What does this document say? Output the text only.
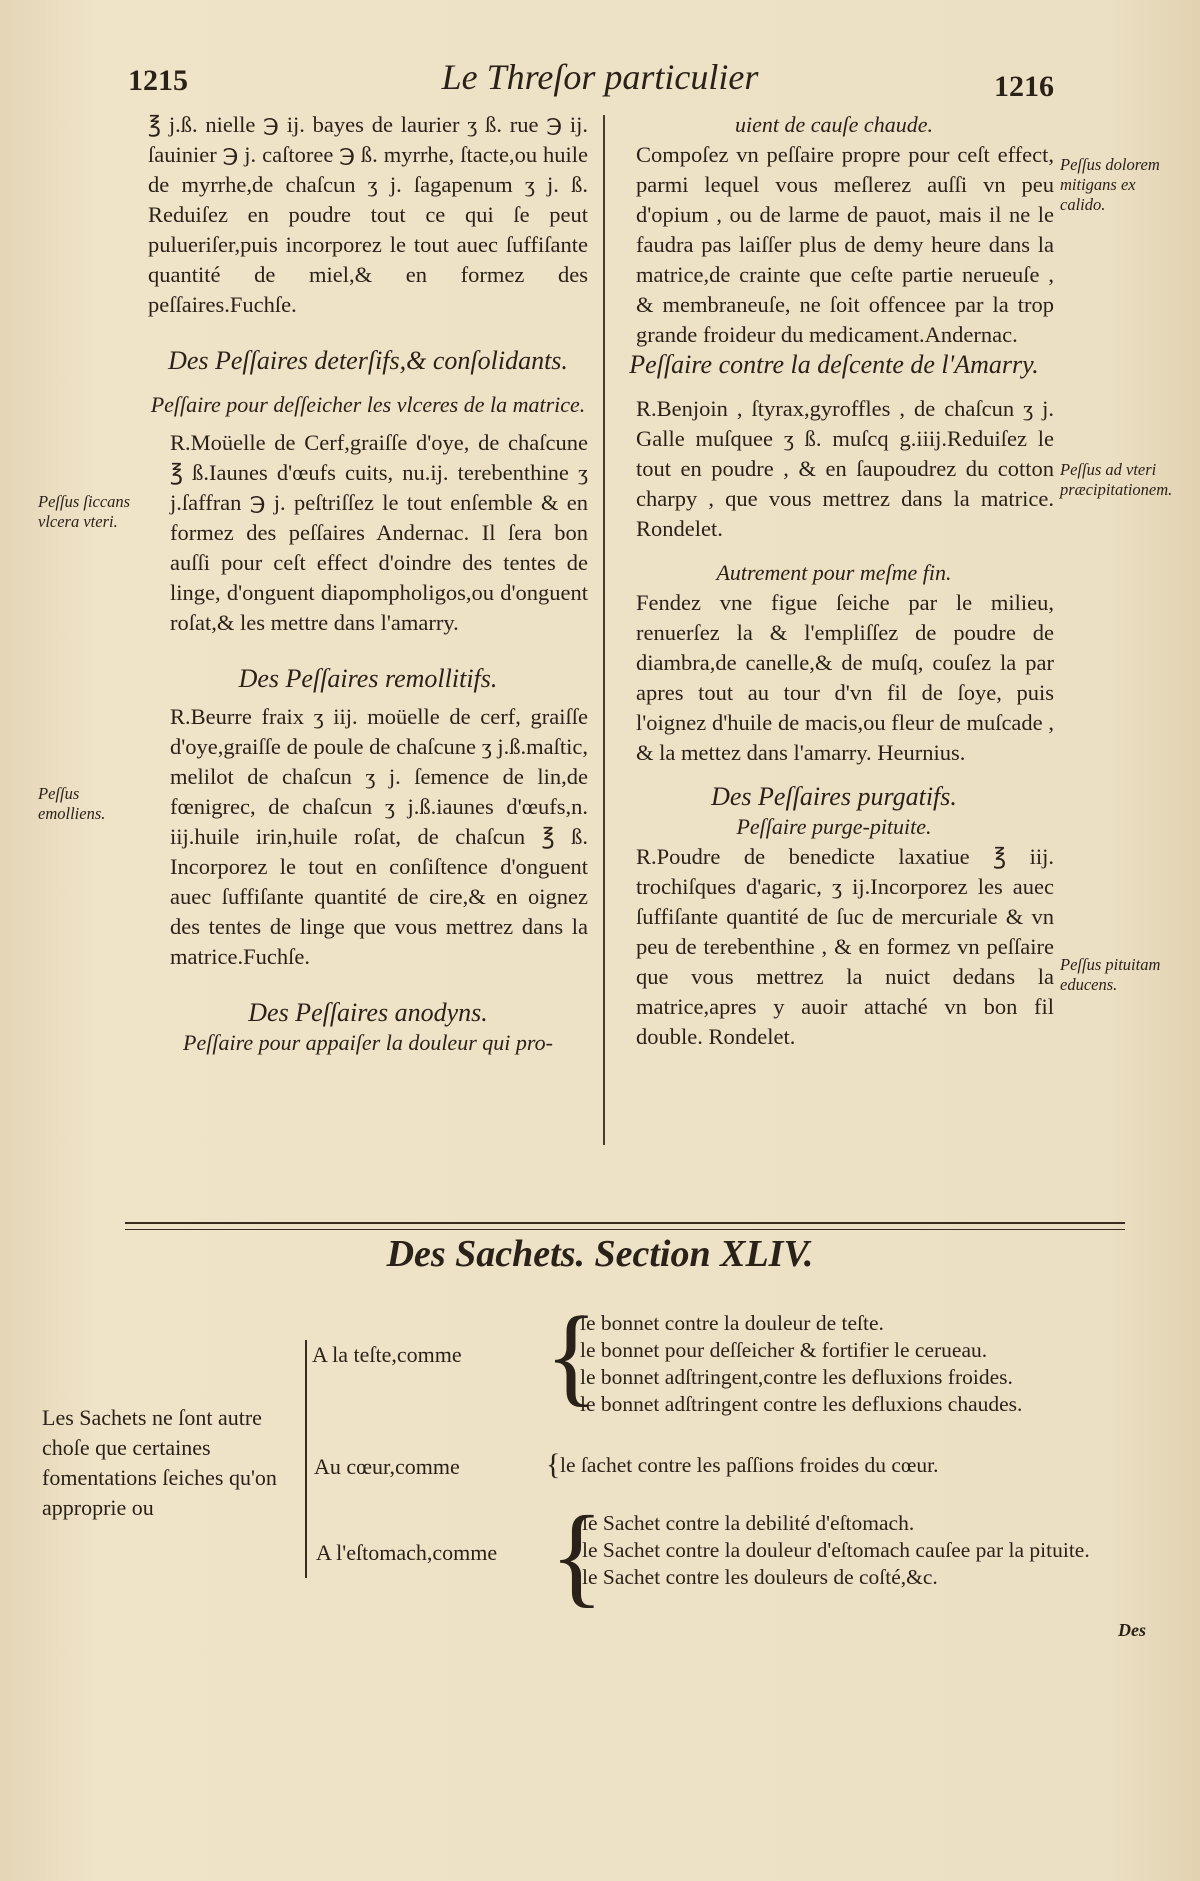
1215	Le Threſor particulier	1216

℥ j.ß. nielle ℈ ij. bayes de laurier ʒ ß. rue ℈ ij. ſauinier ℈ j. caſtoree ℈ ß. myrrhe, ſtacte,ou huile de myrrhe,de chaſcun ʒ j. ſagapenum ʒ j. ß. Reduiſez en poudre tout ce qui ſe peut pulueriſer,puis incorporez le tout auec ſuffiſante quantité de miel,& en formez des peſſaires.Fuchſe.

Des Peſſaires deterſifs,& conſolidants.

Peſſaire pour deſſeicher les vlceres de la matrice.

R.Moüelle de Cerf,graiſſe d'oye, de chaſcune ℥ ß.Iaunes d'œufs cuits, nu.ij. terebenthine ʒ j.ſaffran ℈ j. peſtriſſez le tout enſemble & en formez des peſſaires Andernac. Il ſera bon auſſi pour ceſt effect d'oindre des tentes de linge, d'onguent diapompholigos,ou d'onguent roſat,& les mettre dans l'amarry.

Des Peſſaires remollitifs.

R.Beurre fraix ʒ iij. moüelle de cerf, graiſſe d'oye,graiſſe de poule de chaſcune ʒ j.ß.maſtic, melilot de chaſcun ʒ j. ſemence de lin,de fœnigrec, de chaſcun ʒ j.ß.iaunes d'œufs,n. iij.huile irin,huile roſat, de chaſcun ℥ ß. Incorporez le tout en conſiſtence d'onguent auec ſuffiſante quantité de cire,& en oignez des tentes de linge que vous mettrez dans la matrice.Fuchſe.

Des Peſſaires anodyns.

Peſſaire pour appaiſer la douleur qui pro-

uient de cauſe chaude.

Compoſez vn peſſaire propre pour ceſt effect, parmi lequel vous meſlerez auſſi vn peu d'opium , ou de larme de pauot, mais il ne le faudra pas laiſſer plus de demy heure dans la matrice,de crainte que ceſte partie nerueuſe , & membraneuſe, ne ſoit offencee par la trop grande froideur du medicament.Andernac.

Peſſaire contre la deſcente de l'Amarry.

R.Benjoin , ſtyrax,gyroffles , de chaſcun ʒ j. Galle muſquee ʒ ß. muſcq g.iiij.Reduiſez le tout en poudre , & en ſaupoudrez du cotton charpy , que vous mettrez dans la matrice. Rondelet.

Autrement pour meſme fin.

Fendez vne figue ſeiche par le milieu, renuerſez la & l'empliſſez de poudre de diambra,de canelle,& de muſq, couſez la par apres tout au tour d'vn fil de ſoye, puis l'oignez d'huile de macis,ou fleur de muſcade , & la mettez dans l'amarry. Heurnius.

Des Peſſaires purgatifs.

Peſſaire purge-pituite.

R.Poudre de benedicte laxatiue ℥ iij. trochiſques d'agaric, ʒ ij.Incorporez les auec ſuffiſante quantité de ſuc de mercuriale & vn peu de terebenthine , & en formez vn peſſaire que vous mettrez la nuict dedans la matrice,apres y auoir attaché vn bon fil double. Rondelet.

Peſſus ſiccans vlcera vteri.
Peſſus emolliens.
Peſſus dolorem mitigans ex calido.
Peſſus ad vteri præcipitationem.
Peſſus pituitam educens.
Des Sachets. Section XLIV.
Les Sachets ne ſont autre choſe que certaines fomentations ſeiches qu'on approprie ou
A la teſte,comme
Au cœur,comme
A l'eſtomach,comme
{
{
{
le bonnet contre la douleur de teſte.
le bonnet pour deſſeicher & fortifier le cerueau.
le bonnet adſtringent,contre les defluxions froides.
le bonnet adſtringent contre les defluxions chaudes.
le ſachet contre les paſſions froides du cœur.
le Sachet contre la debilité d'eſtomach.
le Sachet contre la douleur d'eſtomach cauſee par la pituite.
le Sachet contre les douleurs de coſté,&c.
Des
